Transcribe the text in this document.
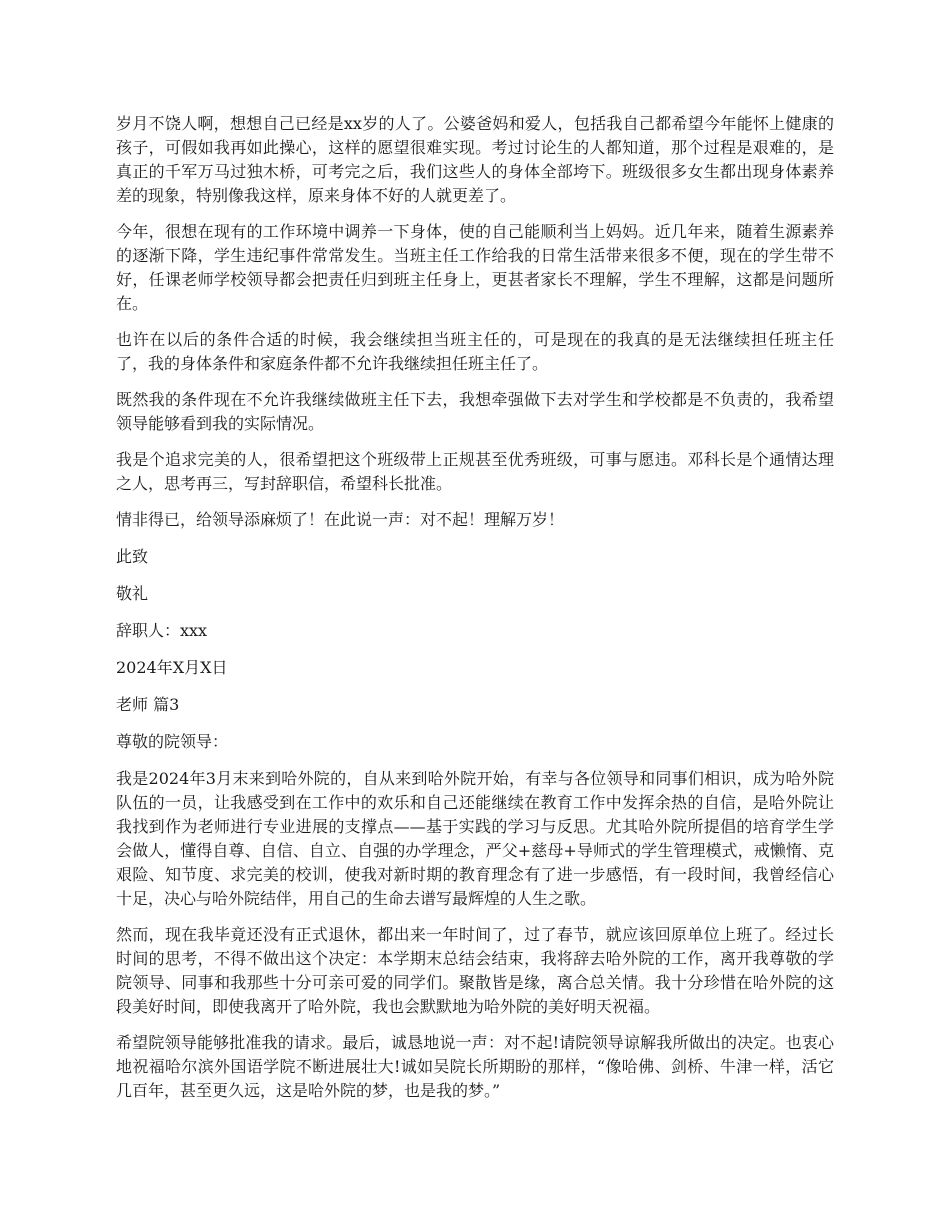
岁月不饶人啊，想想自己已经是xx岁的人了。公婆爸妈和爱人，包括我自己都希望今年能怀上健康的孩子，可假如我再如此操心，这样的愿望很难实现。考过讨论生的人都知道，那个过程是艰难的，是真正的千军万马过独木桥，可考完之后，我们这些人的身体全部垮下。班级很多女生都出现身体素养差的现象，特别像我这样，原来身体不好的人就更差了。

今年，很想在现有的工作环境中调养一下身体，使的自己能顺利当上妈妈。近几年来，随着生源素养的逐渐下降，学生违纪事件常常发生。当班主任工作给我的日常生活带来很多不便，现在的学生带不好，任课老师学校领导都会把责任归到班主任身上，更甚者家长不理解，学生不理解，这都是问题所在。

也许在以后的条件合适的时候，我会继续担当班主任的，可是现在的我真的是无法继续担任班主任了，我的身体条件和家庭条件都不允许我继续担任班主任了。

既然我的条件现在不允许我继续做班主任下去，我想牵强做下去对学生和学校都是不负责的，我希望领导能够看到我的实际情况。

我是个追求完美的人，很希望把这个班级带上正规甚至优秀班级，可事与愿违。邓科长是个通情达理之人，思考再三，写封辞职信，希望科长批准。

情非得已，给领导添麻烦了！在此说一声：对不起！理解万岁！

此致

敬礼

辞职人：xxx

2024年X月X日

老师 篇3

尊敬的院领导：

我是2024年3月末来到哈外院的，自从来到哈外院开始，有幸与各位领导和同事们相识，成为哈外院队伍的一员，让我感受到在工作中的欢乐和自己还能继续在教育工作中发挥余热的自信，是哈外院让我找到作为老师进行专业进展的支撑点——基于实践的学习与反思。尤其哈外院所提倡的培育学生学会做人，懂得自尊、自信、自立、自强的办学理念，严父+慈母+导师式的学生管理模式，戒懒惰、克艰险、知节度、求完美的校训，使我对新时期的教育理念有了进一步感悟，有一段时间，我曾经信心十足，决心与哈外院结伴，用自己的生命去谱写最辉煌的人生之歌。

然而，现在我毕竟还没有正式退休，都出来一年时间了，过了春节，就应该回原单位上班了。经过长时间的思考，不得不做出这个决定：本学期末总结会结束，我将辞去哈外院的工作，离开我尊敬的学院领导、同事和我那些十分可亲可爱的同学们。聚散皆是缘，离合总关情。我十分珍惜在哈外院的这段美好时间，即使我离开了哈外院，我也会默默地为哈外院的美好明天祝福。

希望院领导能够批准我的请求。最后，诚恳地说一声：对不起!请院领导谅解我所做出的决定。也衷心地祝福哈尔滨外国语学院不断进展壮大!诚如吴院长所期盼的那样，“像哈佛、剑桥、牛津一样，活它几百年，甚至更久远，这是哈外院的梦，也是我的梦。”
